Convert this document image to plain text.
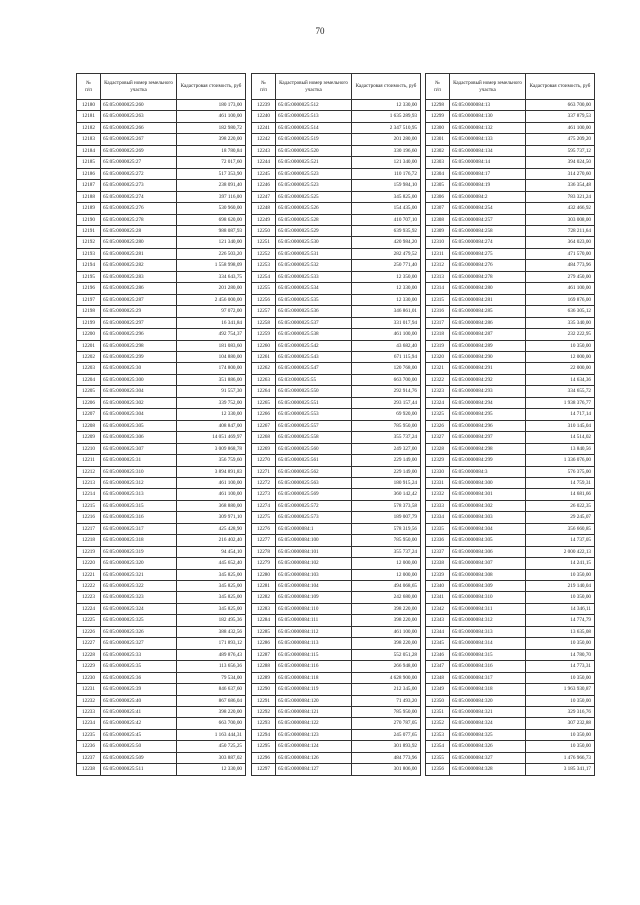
70
№
п/п	Кадастровый номер земельного участка	Кадастровая стоимость, руб
12180	65:05:0000025:260	180 173,00
12181	65:05:0000025:263	461 100,00
12182	65:05:0000025:266	182 980,72
12183	65:05:0000025:267	398 220,00
12184	65:05:0000025:269	18 780,84
12185	65:05:0000025:27	72 017,60
12186	65:05:0000025:272	517 353,90
12187	65:05:0000025:273	238 091,40
12188	65:05:0000025:274	397 116,00
12189	65:05:0000025:276	530 960,00
12190	65:05:0000025:278	698 620,00
12191	65:05:0000025:28	988 087,93
12192	65:05:0000025:280	121 340,00
12193	65:05:0000025:281	226 503,20
12194	65:05:0000025:282	1 558 998,09
12195	65:05:0000025:283	334 643,75
12196	65:05:0000025:286	201 280,00
12197	65:05:0000025:287	2 456 000,00
12198	65:05:0000025:29	97 072,00
12199	65:05:0000025:297	16 341,84
12200	65:05:0000025:296	492 754,37
12201	65:05:0000025:298	181 083,60
12202	65:05:0000025:299	104 880,00
12203	65:05:0000025:30	174 800,00
12204	65:05:0000025:300	351 886,00
12205	65:05:0000025:304	91 557,30
12206	65:05:0000025:302	339 752,00
12207	65:05:0000025:304	12 330,00
12208	65:05:0000025:305	408 847,00
12209	65:05:0000025:306	14 051 469,97
12210	65:05:0000025:307	3 009 868,78
12211	65:05:0000025:31	356 759,60
12212	65:05:0000025:310	3 894 891,83
12213	65:05:0000025:312	461 100,00
12214	65:05:0000025:313	461 100,00
12215	65:05:0000025:315	368 880,00
12216	65:05:0000025:316	309 971,10
12217	65:05:0000025:317	425 428,90
12218	65:05:0000025:318	216 402,40
12219	65:05:0000025:319	94 454,10
12220	65:05:0000025:320	445 652,40
12221	65:05:0000025:321	345 825,00
12222	65:05:0000025:322	345 825,00
12223	65:05:0000025:323	345 825,00
12224	65:05:0000025:324	345 825,00
12225	65:05:0000025:325	182 495,36
12226	65:05:0000025:326	388 432,56
12227	65:05:0000025:327	171 893,12
12228	65:05:0000025:33	489 876,43
12229	65:05:0000025:35	113 656,36
12230	65:05:0000025:36	79 534,00
12231	65:05:0000025:39	846 637,60
12232	65:05:0000025:40	867 686,04
12233	65:05:0000025:41	398 220,00
12234	65:05:0000025:42	663 700,00
12235	65:05:0000025:45	1 163 444,31
12236	65:05:0000025:50	450 725,25
12237	65:05:0000025:509	303 887,02
12238	65:05:0000025:511	12 330,00
№
п/п	Кадастровый номер земельного участка	Кадастровая стоимость, руб
12239	65:05:0000025:512	12 330,00
12240	65:05:0000025:513	1 635 289,93
12241	65:05:0000025:514	2 347 510,95
12242	65:05:0000025:519	201 280,00
12243	65:05:0000025:520	330 196,60
12244	65:05:0000025:521	121 340,00
12245	65:05:0000025:523	110 176,72
12246	65:05:0000025:523	159 984,10
12247	65:05:0000025:525	345 825,00
12248	65:05:0000025:526	154 435,00
12249	65:05:0000025:528	410 707,10
12250	65:05:0000025:529	639 935,92
12251	65:05:0000025:530	420 984,20
12252	65:05:0000025:531	282 479,52
12253	65:05:0000025:532	250 771,40
12254	65:05:0000025:533	12 350,00
12255	65:05:0000025:534	12 330,00
12256	65:05:0000025:535	12 330,00
12257	65:05:0000025:536	346 861,01
12258	65:05:0000025:537	331 017,94
12259	65:05:0000025:538	461 100,00
12260	65:05:0000025:542	43 682,40
12261	65:05:0000025:543	671 115,94
12262	65:05:0000025:547	120 768,00
12263	65:03:0000025:55	663 700,00
12264	65:05:0000025:550	292 914,76
12265	65:05:0000025:551	293 157,44
12266	65:05:0000025:553	69 920,00
12267	65:05:0000025:557	785 950,00
12268	65:05:0000025:558	355 737,24
12269	65:05:0000025:560	249 327,00
12270	65:05:0000025:561	229 149,00
12271	65:05:0000025:562	229 149,00
12272	65:05:0000025:563	180 915,24
12273	65:05:0000025:569	360 142,42
12274	65:05:0000025:572	578 373,58
12275	65:05:0000025:573	189 007,79
12276	65:05:0000084:1	578 319,56
12277	65:05:0000084:100	785 950,00
12278	65:05:0000084:101	355 737,24
12279	65:05:0000084:102	12 000,00
12280	65:05:0000084:103	12 000,00
12281	65:05:0000084:104	494 068,65
12282	65:05:0000084:109	242 680,00
12283	65:05:0000084:110	398 220,00
12284	65:05:0000084:111	398 220,00
12285	65:05:0000084:112	461 100,00
12286	65:05:0000084:113	398 220,00
12287	65:05:0000084:115	552 051,28
12288	65:05:0000084:116	266 948,00
12289	65:05:0000084:118	4 628 900,00
12290	65:05:0000084:119	212 345,00
12291	65:05:0000084:120	71 493,20
12292	65:05:0000084:121	785 950,00
12293	65:05:0000084:122	270 787,05
12294	65:05:0000084:123	245 077,65
12295	65:05:0000084:124	301 893,92
12296	65:05:0000084:126	484 773,96
12297	65:05:0000084:127	301 806,00
№
п/п	Кадастровый номер земельного участка	Кадастровая стоимость, руб
12298	65:05:0000084:13	663 700,00
12299	65:05:0000084:130	337 879,53
12300	65:05:0000084:132	461 100,00
12301	65:05:0000084:133	475 209,20
12302	65:05:0000084:134	595 737,12
12303	65:05:0000084:14	394 024,50
12304	65:05:0000084:17	314 270,60
12305	65:05:0000084:19	336 354,48
12306	65:05:0000084:2	783 321,24
12307	65:05:0000084:254	432 466,92
12308	65:05:0000084:257	303 008,00
12309	65:05:0000084:258	728 211,64
12310	65:05:0000084:274	364 023,00
12311	65:05:0000084:275	471 570,00
12312	65:05:0000084:276	484 773,96
12313	65:05:0000084:278	279 450,00
12314	65:05:0000084:280	461 100,00
12315	65:05:0000084:281	169 876,00
12316	65:05:0000084:285	636 305,12
12317	65:05:0000084:286	335 340,00
12318	65:05:0000084:287	232 222,95
12319	65:05:0000084:289	10 350,00
12320	65:05:0000084:290	12 000,00
12321	65:05:0000084:291	22 000,00
12322	65:05:0000084:292	14 634,36
12323	65:05:0000084:293	334 655,72
12324	65:05:0000084:294	1 938 376,77
12325	65:05:0000084:295	14 717,14
12326	65:05:0000084:296	310 145,04
12327	65:05:0000084:297	14 514,02
12328	65:05:0000084:298	13 840,56
12329	65:05:0000084:299	1 336 076,00
12330	65:05:0000084:3	576 375,00
12331	65:05:0000084:300	14 759,31
12332	65:05:0000084:301	14 681,66
12333	65:05:0000084:302	26 022,35
12334	65:05:0000084:303	29 245,07
12335	65:05:0000084:304	356 660,85
12336	65:05:0000084:305	14 737,05
12337	65:05:0000084:306	2 000 422,13
12338	65:05:0000084:307	14 241,15
12339	65:05:0000084:308	10 350,00
12340	65:05:0000084:309	219 140,04
12341	65:05:0000084:310	10 350,00
12342	65:05:0000084:311	14 346,11
12343	65:05:0000084:312	14 774,79
12344	65:05:0000084:313	13 635,08
12345	65:05:0000084:314	10 350,00
12346	65:05:0000084:315	14 780,70
12347	65:05:0000084:316	14 773,31
12348	65:05:0000084:317	10 350,00
12349	65:05:0000084:318	1 963 930,87
12350	65:05:0000084:320	10 350,00
12351	65:05:0000084:321	329 316,76
12352	65:05:0000084:324	307 232,88
12353	65:05:0000084:325	10 350,00
12354	65:05:0000084:326	10 350,00
12355	65:05:0000084:327	1 476 966,73
12356	65:05:0000084:328	3 185 341,17
